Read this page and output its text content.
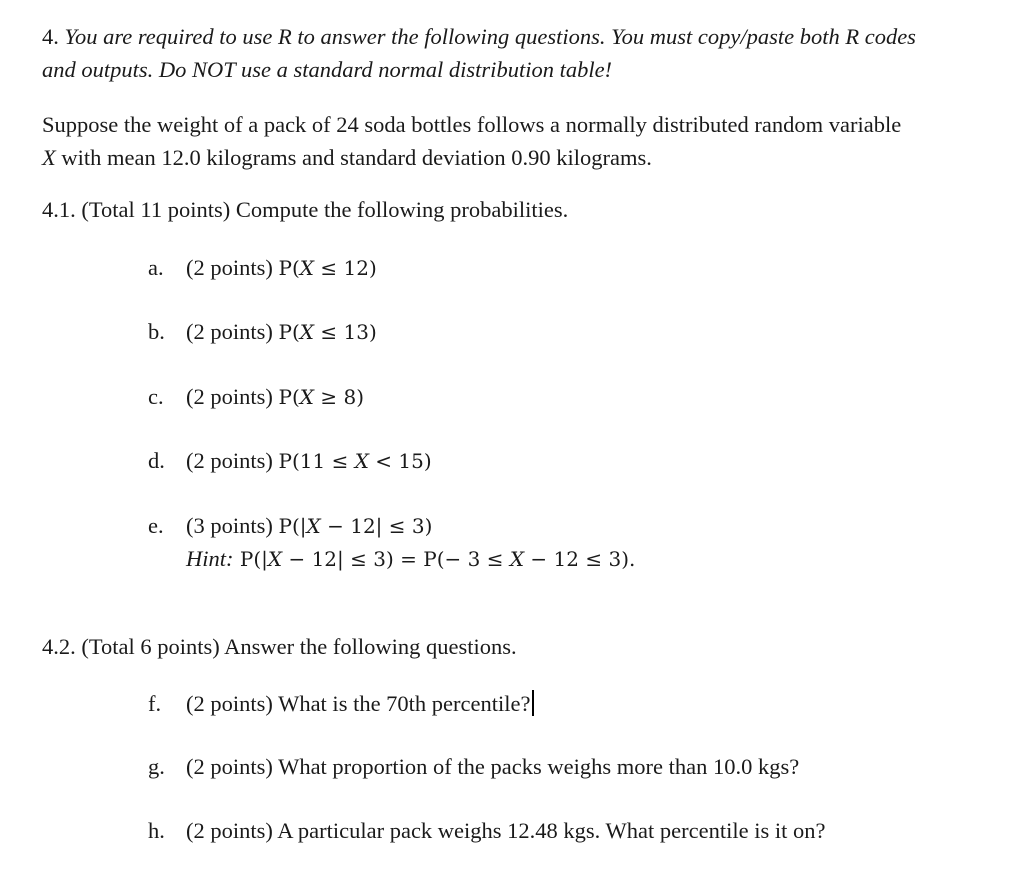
4. You are required to use R to answer the following questions. You must copy/paste both R codes
and outputs. Do NOT use a standard normal distribution table!
Suppose the weight of a pack of 24 soda bottles follows a normally distributed random variable
X with mean 12.0 kilograms and standard deviation 0.90 kilograms.
4.1. (Total 11 points) Compute the following probabilities.
a. (2 points) P(X ≤ 12)
b. (2 points) P(X ≤ 13)
c. (2 points) P(X ≥ 8)
d. (2 points) P(11 ≤ X < 15)
e. (3 points) P(|X − 12| ≤ 3)
Hint: P(|X − 12| ≤ 3) = P(− 3 ≤ X − 12 ≤ 3).
4.2. (Total 6 points) Answer the following questions.
f. (2 points) What is the 70th percentile?
g. (2 points) What proportion of the packs weighs more than 10.0 kgs?
h. (2 points) A particular pack weighs 12.48 kgs. What percentile is it on?
